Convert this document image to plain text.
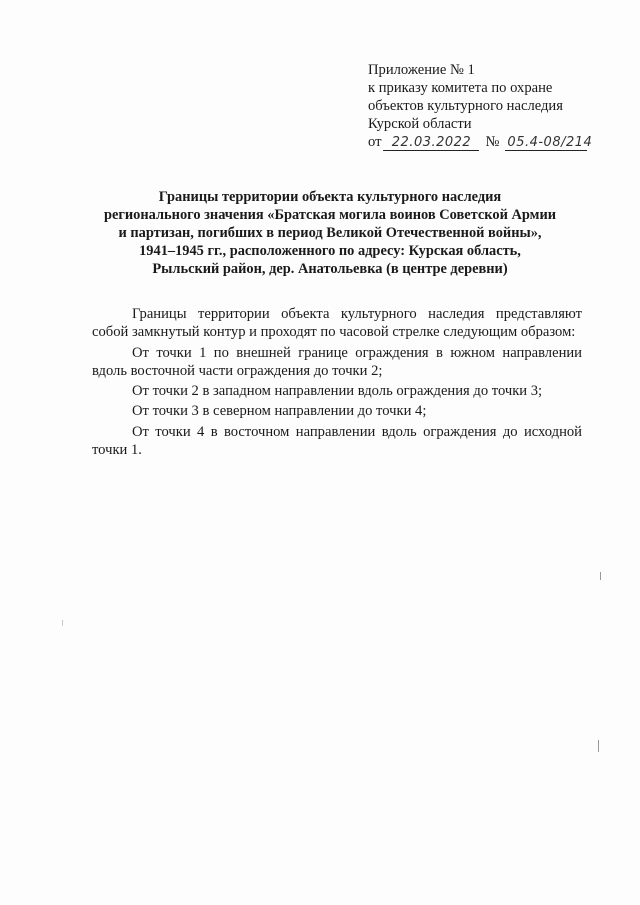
Приложение № 1
к приказу комитета по охране
объектов культурного наследия
Курской области
от 22.03.2022 № 05.4-08/214
Границы территории объекта культурного наследия
регионального значения «Братская могила воинов Советской Армии
и партизан, погибших в период Великой Отечественной войны»,
1941–1945 гг., расположенного по адресу: Курская область,
Рыльский район, дер. Анатольевка (в центре деревни)

Границы территории объекта культурного наследия представляют собой замкнутый контур и проходят по часовой стрелке следующим образом:

От точки 1 по внешней границе ограждения в южном направлении вдоль восточной части ограждения до точки 2;

От точки 2 в западном направлении вдоль ограждения до точки 3;

От точки 3 в северном направлении до точки 4;

От точки 4 в восточном направлении вдоль ограждения до исходной точки 1.
